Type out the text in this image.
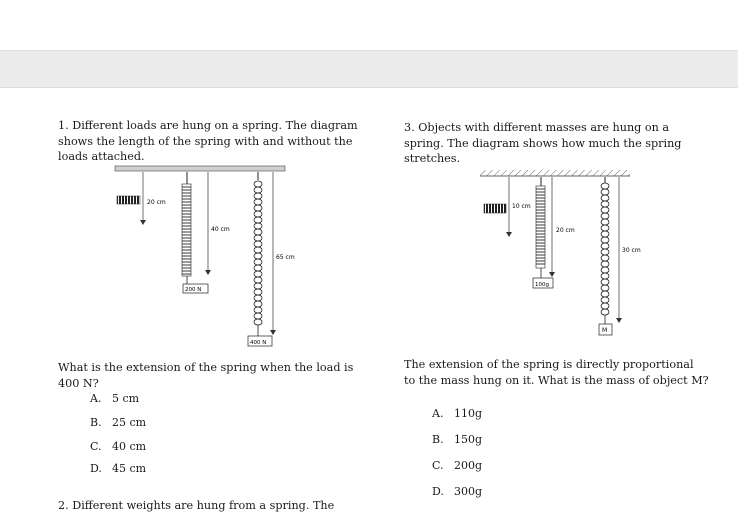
1. Different loads are hung on a spring. The diagram
shows the length of the spring with and without the
loads attached.
20 cm
200 N
40 cm
400 N
65 cm
What is the extension of the spring when the load is
400 N?
A. 5 cm
B. 25 cm
C. 40 cm
D. 45 cm
2. Different weights are hung from a spring. The
3. Objects with different masses are hung on a
spring. The diagram shows how much the spring
stretches.
10 cm
100g
20 cm
M
30 cm
The extension of the spring is directly proportional
to the mass hung on it. What is the mass of object M?
A. 110g
B. 150g
C. 200g
D. 300g
